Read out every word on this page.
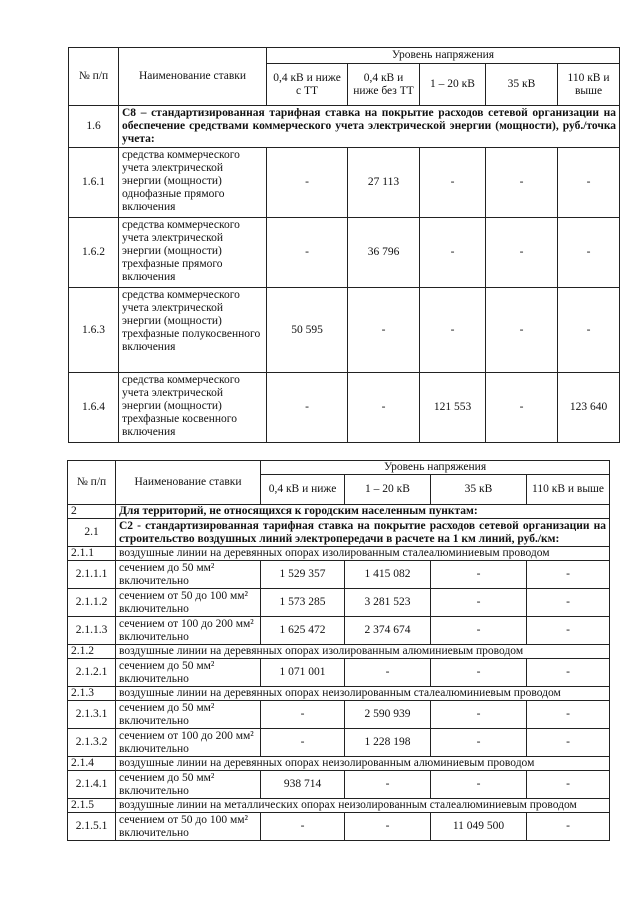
№ п/п	Наименование ставки	Уровень напряжения				
		0,4 кВ и ниже с ТТ	0,4 кВ и ниже без ТТ	1 – 20 кВ	35 кВ	110 кВ и выше
1.6	С8 – стандартизированная тарифная ставка на покрытие расходов сетевой организации на обеспечение средствами коммерческого учета электрической энергии (мощности), руб./точка учета:					
1.6.1	средства коммерческого учета электрической энергии (мощности) однофазные прямого включения	-	27 113	-	-	-
1.6.2	средства коммерческого учета электрической энергии (мощности) трехфазные прямого включения	-	36 796	-	-	-
1.6.3	средства коммерческого учета электрической энергии (мощности) трехфазные полукосвенного включения	50 595	-	-	-	-
1.6.4	средства коммерческого учета электрической энергии (мощности) трехфазные косвенного включения	-	-	121 553	-	123 640
№ п/п	Наименование ставки	Уровень напряжения			
		0,4 кВ и ниже	1 – 20 кВ	35 кВ	110 кВ и выше
2	Для территорий, не относящихся к городским населенным пунктам:				
2.1	С2 - стандартизированная тарифная ставка на покрытие расходов сетевой организации на строительство воздушных линий электропередачи в расчете на 1 км линий, руб./км:				
2.1.1	воздушные линии на деревянных опорах изолированным сталеалюминиевым проводом				
2.1.1.1	сечением до 50 мм² включительно	1 529 357	1 415 082	-	-
2.1.1.2	сечением от 50 до 100 мм² включительно	1 573 285	3 281 523	-	-
2.1.1.3	сечением от 100 до 200 мм² включительно	1 625 472	2 374 674	-	-
2.1.2	воздушные линии на деревянных опорах изолированным алюминиевым проводом				
2.1.2.1	сечением до 50 мм² включительно	1 071 001	-	-	-
2.1.3	воздушные линии на деревянных опорах неизолированным сталеалюминиевым проводом				
2.1.3.1	сечением до 50 мм² включительно	-	2 590 939	-	-
2.1.3.2	сечением от 100 до 200 мм² включительно	-	1 228 198	-	-
2.1.4	воздушные линии на деревянных опорах неизолированным алюминиевым проводом				
2.1.4.1	сечением до 50 мм² включительно	938 714	-	-	-
2.1.5	воздушные линии на металлических опорах неизолированным сталеалюминиевым проводом				
2.1.5.1	сечением от 50 до 100 мм² включительно	-	-	11 049 500	-
